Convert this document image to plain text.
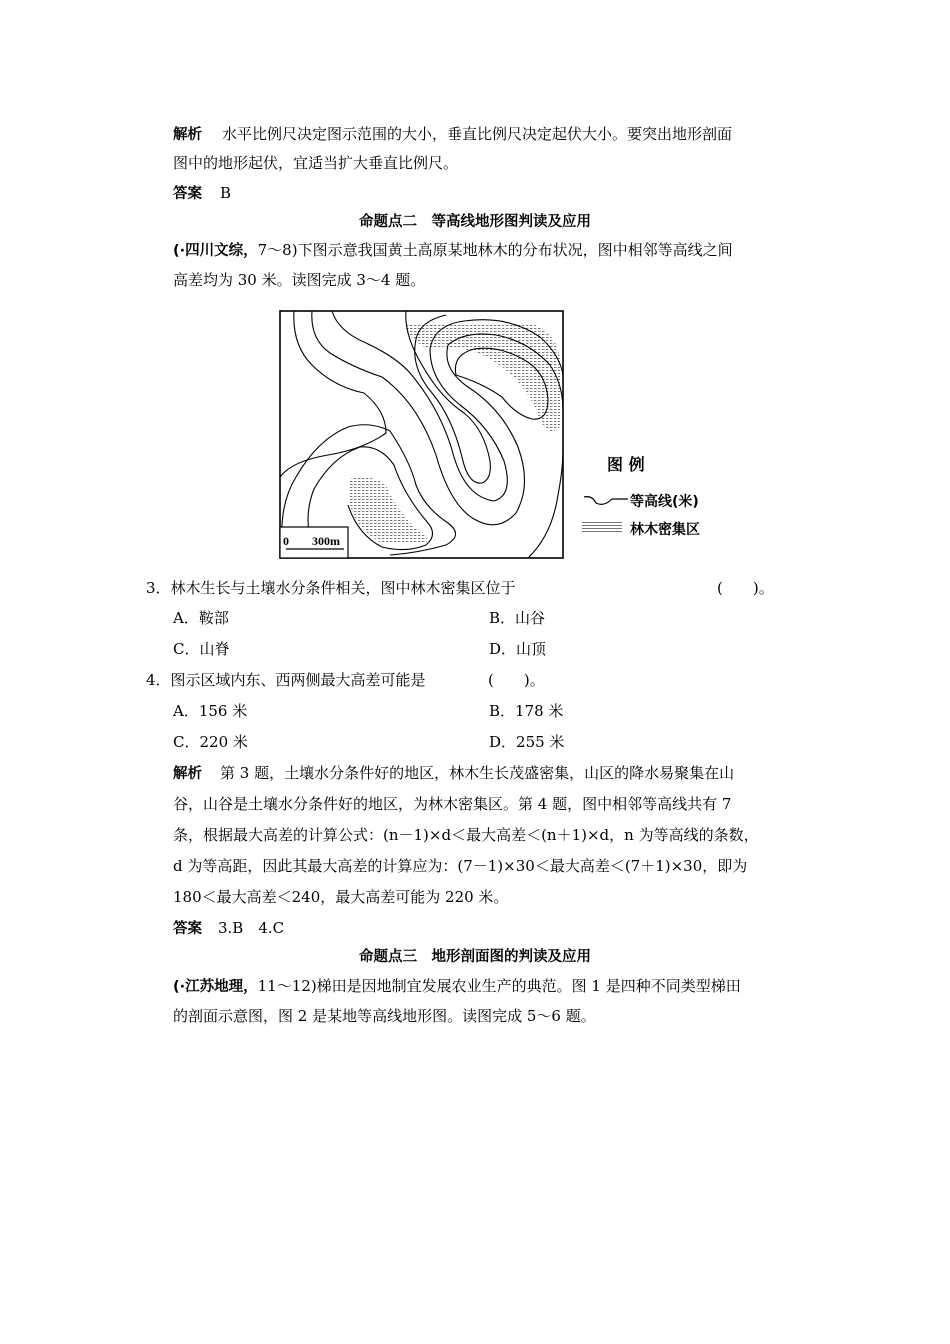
解析 水平比例尺决定图示范围的大小，垂直比例尺决定起伏大小。要突出地形剖面
图中的地形起伏，宜适当扩大垂直比例尺。
答案 B
命题点二　等高线地形图判读及应用
(·四川文综，7～8)下图示意我国黄土高原某地林木的分布状况，图中相邻等高线之间
高差均为 30 米。读图完成 3～4 题。
0 300m
图 例
等高线(米)
林木密集区
3．林木生长与土壤水分条件相关，图中林木密集区位于	(　　)。
A．鞍部	B．山谷
C．山脊	D．山顶
4．图示区域内东、西两侧最大高差可能是	(　　)。
A．156 米	B．178 米
C．220 米	D．255 米
解析 第 3 题，土壤水分条件好的地区，林木生长茂盛密集，山区的降水易聚集在山
谷，山谷是土壤水分条件好的地区，为林木密集区。第 4 题，图中相邻等高线共有 7
条，根据最大高差的计算公式：(n－1)×d＜最大高差＜(n＋1)×d，n 为等高线的条数，
d 为等高距，因此其最大高差的计算应为：(7－1)×30＜最大高差＜(7＋1)×30，即为
180＜最大高差＜240，最大高差可能为 220 米。
答案 3.B　4.C
命题点三　地形剖面图的判读及应用
(·江苏地理，11～12)梯田是因地制宜发展农业生产的典范。图 1 是四种不同类型梯田
的剖面示意图，图 2 是某地等高线地形图。读图完成 5～6 题。
